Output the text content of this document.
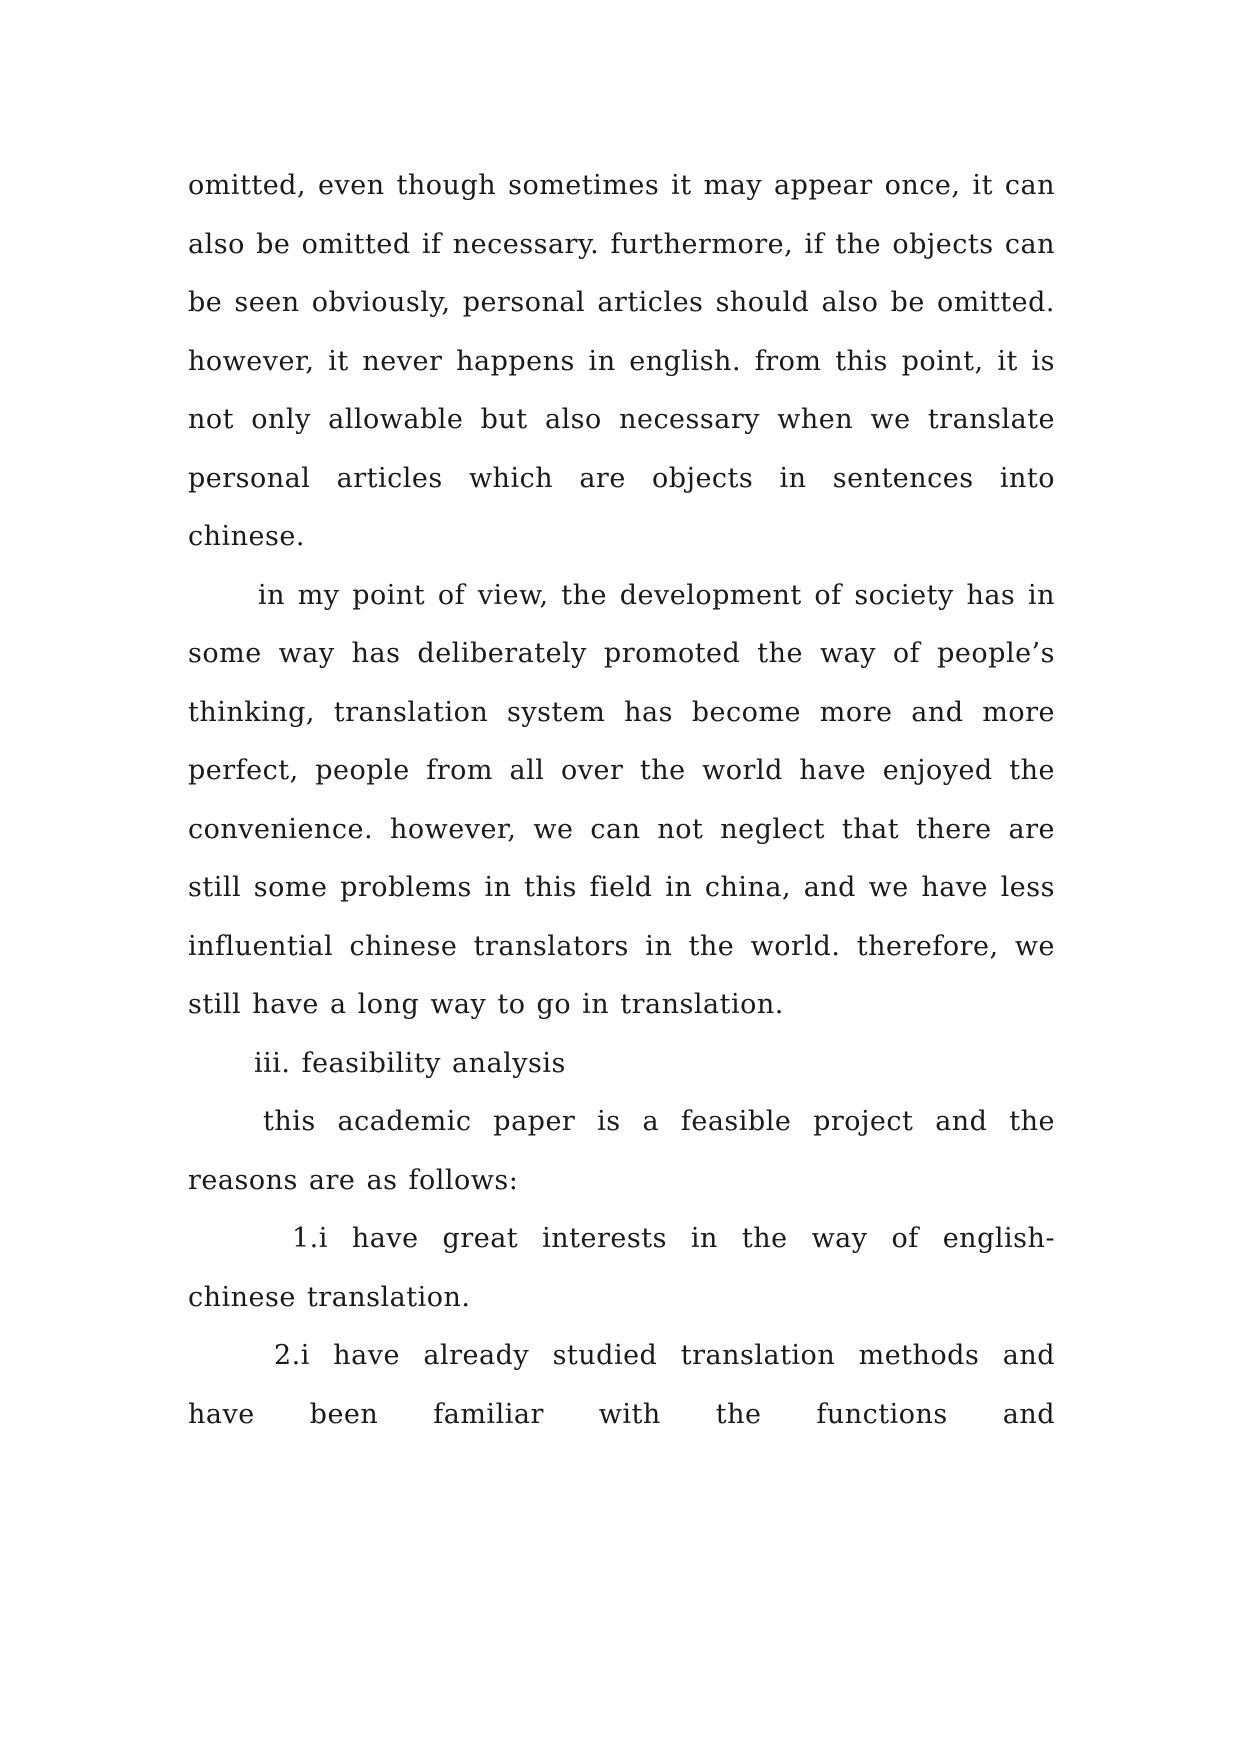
omitted, even though sometimes it may appear once, it can also be omitted if necessary. furthermore, if the objects can be seen obviously, personal articles should also be omitted. however, it never happens in english. from this point, it is not only allowable but also necessary when we translate personal articles which are objects in sentences into chinese.

in my point of view, the development of society has in some way has deliberately promoted the way of people’s thinking, translation system has become more and more perfect, people from all over the world have enjoyed the convenience. however, we can not neglect that there are still some problems in this field in china, and we have less influential chinese translators in the world. therefore, we still have a long way to go in translation.

iii. feasibility analysis

this academic paper is a feasible project and the reasons are as follows:

1.i have great interests in the way of english-chinese translation.

2.i have already studied translation methods and have been familiar with the functions and
